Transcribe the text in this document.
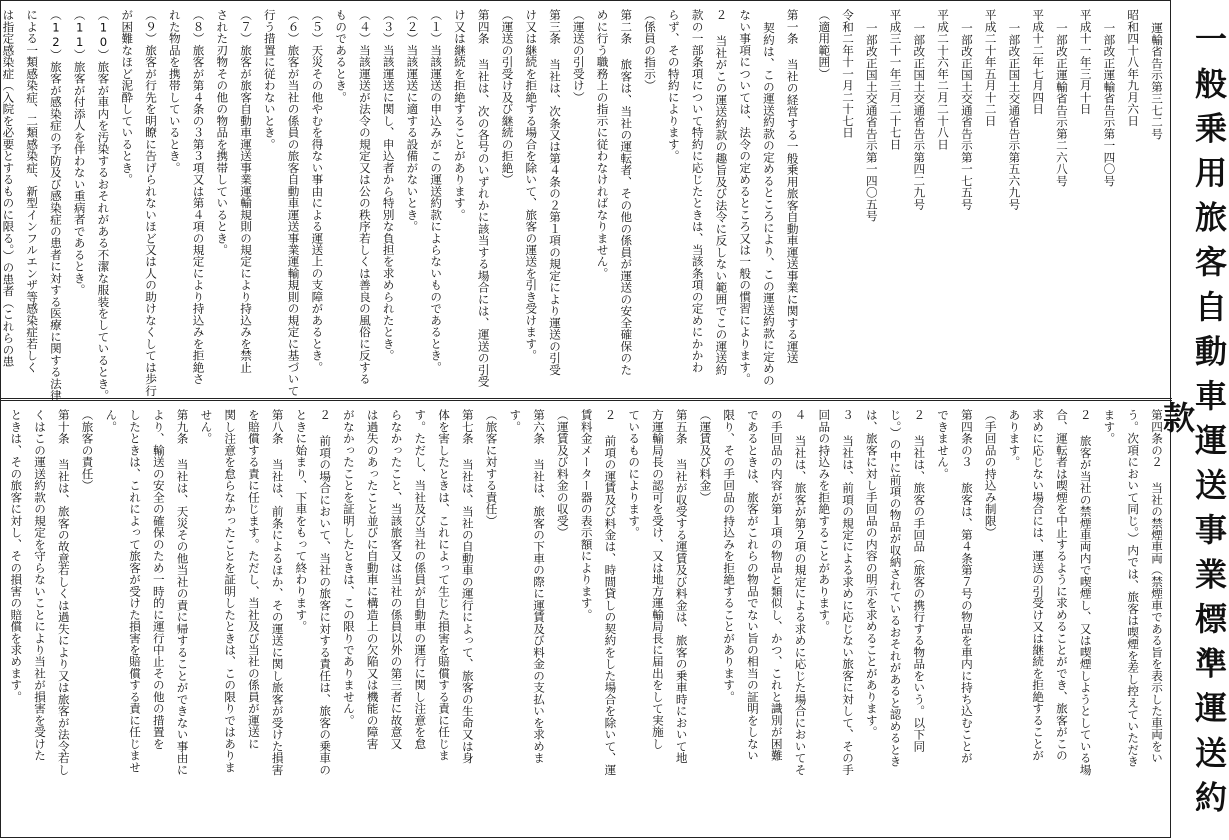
運輸省告示第三七二号
昭和四十八年九月六日
一部改正運輸省告示第一四〇号
平成十一年三月十日
一部改正運輸省告示第二六八号
平成十二年七月四日
一部改正国土交通省告示第五六九号
平成二十年五月十二日
一部改正国土交通省告示第一七五号
平成二十六年二月二十八日
一部改正国土交通省告示第四二九号
平成三十一年三月二十七日
一部改正国土交通省告示第一四〇五号
令和二年十一月二十七日
（適用範囲）
第一条 当社の経営する一般乗用旅客自動車運送事業に関する運送
契約は、この運送約款の定めるところにより、この運送約款に定めの
ない事項については、法令の定めるところ又は一般の慣習によります。
２ 当社がこの運送約款の趣旨及び法令に反しない範囲でこの運送約
款の一部条項について特約に応じたときは、当該条項の定めにかかわ
らず、その特約によります。
（係員の指示）
第二条 旅客は、当社の運転者、その他の係員が運送の安全確保のた
めに行う職務上の指示に従わなければなりません。
（運送の引受け）
第三条 当社は、次条又は第４条の２第１項の規定により運送の引受
け又は継続を拒絶する場合を除いて、旅客の運送を引き受けます。
（運送の引受け及び継続の拒絶）
第四条 当社は、次の各号のいずれかに該当する場合には、運送の引受
け又は継続を拒絶することがあります。
（１）当該運送の申込みがこの運送約款によらないものであるとき。
（２）当該運送に適する設備がないとき。
（３）当該運送に関し、申込者から特別な負担を求められたとき。
（４）当該運送が法令の規定又は公の秩序若しくは善良の風俗に反する
ものであるとき。
（５）天災その他やむを得ない事由による運送上の支障があるとき。
（６）旅客が当社の係員の旅客自動車運送事業運輸規則の規定に基づいて
行う措置に従わないとき。
（７）旅客が旅客自動車運送事業運輸規則の規定により持込みを禁止
された刃物その他の物品を携帯しているとき。
（８）旅客が第４条の３第３項又は第４項の規定により持込みを拒絶さ
れた物品を携帯しているとき。
（９）旅客が行先を明瞭に告げられないほど又は人の助けなくしては歩行
が困難なほど泥酔しているとき。
（10）旅客が車内を汚染するおそれがある不潔な服装をしているとき。
（11）旅客が付添人を伴わない重病者であるとき。
（12）旅客が感染症の予防及び感染症の患者に対する医療に関する法律
による一類感染症、二類感染症、新型インフルエンザ等感染症若しく
は指定感染症（入院を必要とするものに限る。）の患者（これらの患
第四条の２ 当社の禁煙車両（禁煙車である旨を表示した車両をい
う。次項において同じ。）内では、旅客は喫煙を差し控えていただき
ます。
２ 旅客が当社の禁煙車両内で喫煙し、又は喫煙しようとしている場
合、運転者は喫煙を中止するように求めることができ、旅客がこの
求めに応じない場合には、運送の引受け又は継続を拒絶することが
あります。
（手回品の持込み制限）
第四条の３ 旅客は、第４条第７号の物品を車内に持ち込むことが
できません。
２ 当社は、旅客の手回品（旅客の携行する物品をいう。以下同
じ。）の中に前項の物品が収納されているおそれがあると認めるとき
は、旅客に対し手回品の内容の明示を求めることがあります。
３ 当社は、前項の規定による求めに応じない旅客に対して、その手
回品の持込みを拒絶することがあります。
４ 当社は、旅客が第２項の規定による求めに応じた場合においてそ
の手回品の内容が第１項の物品と類似し、かつ、これと識別が困難
であるときは、旅客がこれらの物品でない旨の相当の証明をしない
限り、その手回品の持込みを拒絶することがあります。
（運賃及び料金）
第五条 当社が収受する運賃及び料金は、旅客の乗車時において地
方運輸局長の認可を受け、又は地方運輸局長に届出をして実施し
ているものによります。
２ 前項の運賃及び料金は、時間貸しの契約をした場合を除いて、運
賃料金メーター器の表示額によります。
（運賃及び料金の収受）
第六条 当社は、旅客の下車の際に運賃及び料金の支払いを求めま
す。
（旅客に対する責任）
第七条 当社は、当社の自動車の運行によって、旅客の生命又は身
体を害したときは、これによって生じた損害を賠償する責に任じま
す。ただし、当社及び当社の係員が自動車の運行に関し注意を怠
らなかったこと、当該旅客又は当社の係員以外の第三者に故意又
は過失のあったこと並びに自動車に構造上の欠陥又は機能の障害
がなかったことを証明したときは、この限りでありません。
２ 前項の場合において、当社の旅客に対する責任は、旅客の乗車の
ときに始まり、下車をもって終わります。
第八条 当社は、前条によるほか、その運送に関し旅客が受けた損害
を賠償する責に任じます。ただし、当社及び当社の係員が運送に
関し注意を怠らなかったことを証明したときは、この限りではありま
せん。
第九条 当社は、天災その他当社の責に帰することができない事由に
より、輸送の安全の確保のため一時的に運行中止その他の措置を
したときは、これによって旅客が受けた損害を賠償する責に任じませ
ん。
（旅客の責任）
第十条 当社は、旅客の故意若しくは過失により又は旅客が法令若し
くはこの運送約款の規定を守らないことにより当社が損害を受けた
ときは、その旅客に対し、その損害の賠償を求めます。	一般乗用旅客自動車運送事業標準運送約款
